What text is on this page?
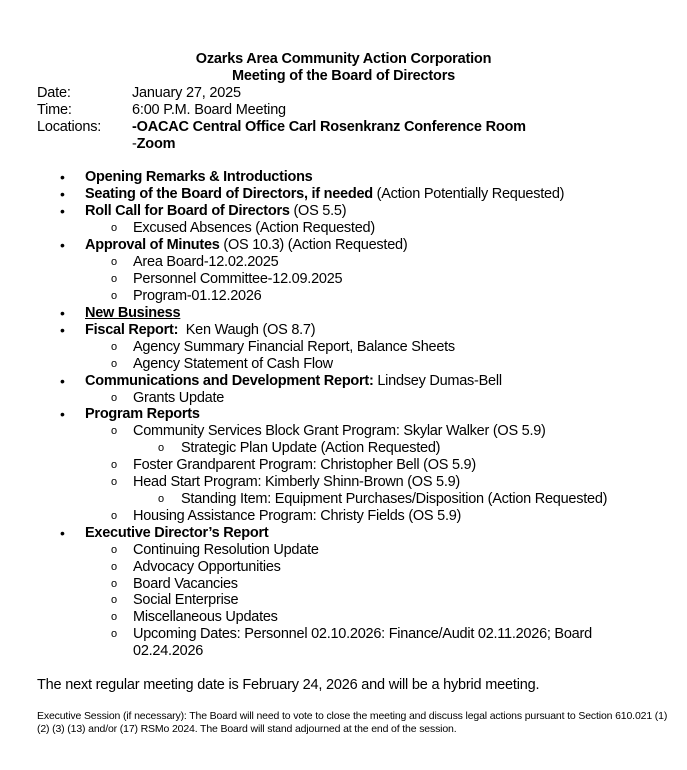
Ozarks Area Community Action Corporation
Meeting of the Board of Directors
Date:	January 27, 2025
Time:	6:00 P.M. Board Meeting
Locations:	-OACAC Central Office Carl Rosenkranz Conference Room
-Zoom
• Opening Remarks & Introductions
• Seating of the Board of Directors, if needed (Action Potentially Requested)
• Roll Call for Board of Directors (OS 5.5)
o Excused Absences (Action Requested)
• Approval of Minutes (OS 10.3) (Action Requested)
o Area Board-12.02.2025
o Personnel Committee-12.09.2025
o Program-01.12.2026
• New Business
• Fiscal Report:  Ken Waugh (OS 8.7)
o Agency Summary Financial Report, Balance Sheets
o Agency Statement of Cash Flow
• Communications and Development Report: Lindsey Dumas-Bell
o Grants Update
• Program Reports
o Community Services Block Grant Program: Skylar Walker (OS 5.9)
o Strategic Plan Update (Action Requested)
o Foster Grandparent Program: Christopher Bell (OS 5.9)
o Head Start Program: Kimberly Shinn-Brown (OS 5.9)
o Standing Item: Equipment Purchases/Disposition (Action Requested)
o Housing Assistance Program: Christy Fields (OS 5.9)
• Executive Director’s Report
o Continuing Resolution Update
o Advocacy Opportunities
o Board Vacancies
o Social Enterprise
o Miscellaneous Updates
o Upcoming Dates: Personnel 02.10.2026: Finance/Audit 02.11.2026; Board
02.24.2026
The next regular meeting date is February 24, 2026 and will be a hybrid meeting.
Executive Session (if necessary): The Board will need to vote to close the meeting and discuss legal actions pursuant to Section 610.021 (1) (2) (3) (13) and/or (17) RSMo 2024. The Board will stand adjourned at the end of the session.
